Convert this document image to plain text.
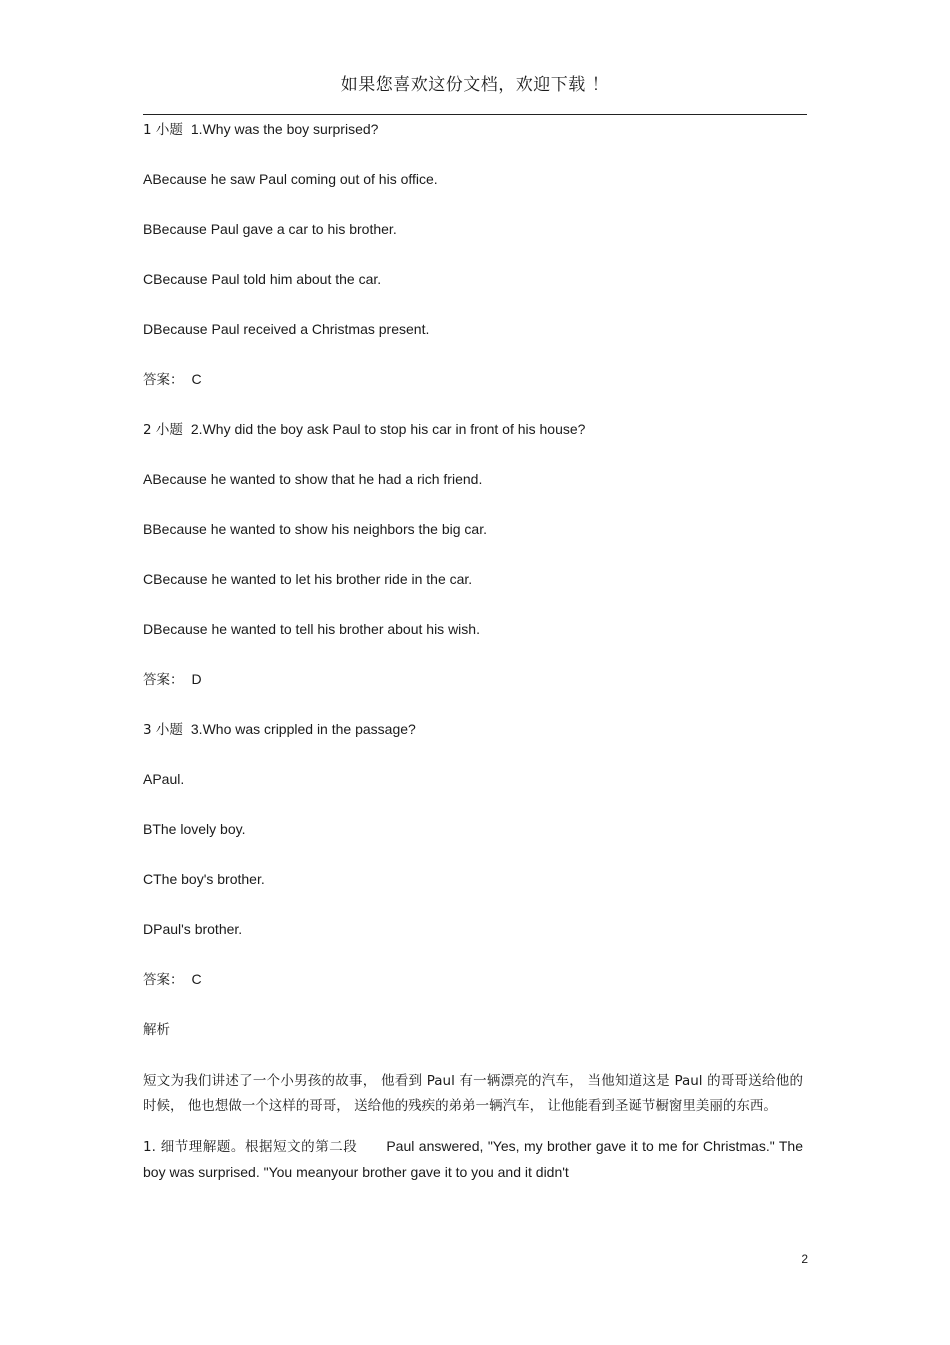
如果您喜欢这份文档，欢迎下载 ！
1 小题 1.Why was the boy surprised?
ABecause he saw Paul coming out of his office.
BBecause Paul gave a car to his brother.
CBecause Paul told him about the car.
DBecause Paul received a Christmas present.
答案： C
2 小题 2.Why did the boy ask Paul to stop his car in front of his house?
ABecause he wanted to show that he had a rich friend.
BBecause he wanted to show his neighbors the big car.
CBecause he wanted to let his brother ride in the car.
DBecause he wanted to tell his brother about his wish.
答案： D
3 小题 3.Who was crippled in the passage?
APaul.
BThe lovely boy.
CThe boy's brother.
DPaul's brother.
答案： C
解析
短文为我们讲述了一个小男孩的故事， 他看到 Paul 有一辆漂亮的汽车， 当他知道这是 Paul 的哥哥送给他的时候， 他也想做一个这样的哥哥， 送给他的残疾的弟弟一辆汽车， 让他能看到圣诞节橱窗里美丽的东西。
1. 细节理解题。根据短文的第二段 Paul answered, "Yes, my brother gave it to me for Christmas." The boy was surprised. "You meanyour brother gave it to you and it didn't
2
